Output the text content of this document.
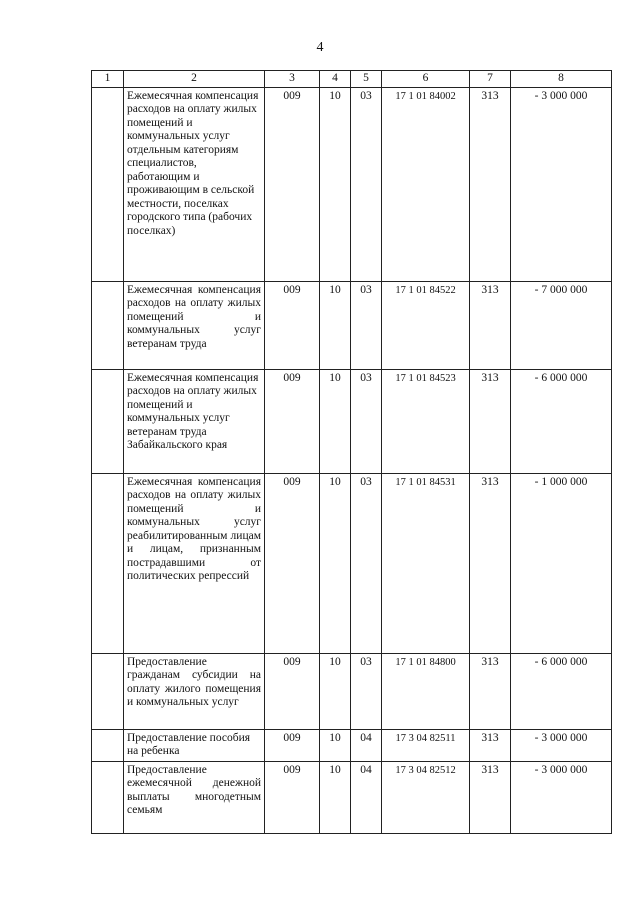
4
1	2	3	4	5	6	7	8
	Ежемесячная компенсация расходов на оплату жилых помещений и коммунальных услуг отдельным категориям специалистов, работающим и проживающим в сельской местности, поселках городского типа (рабочих поселках)	009	10	03	17 1 01 84002	313	- 3 000 000
	Ежемесячная компенсация расходов на оплату жилых помещений и коммунальных услуг ветеранам труда	009	10	03	17 1 01 84522	313	- 7 000 000
	Ежемесячная компенсация расходов на оплату жилых помещений и коммунальных услуг ветеранам труда Забайкальского края	009	10	03	17 1 01 84523	313	- 6 000 000
	Ежемесячная компенсация расходов на оплату жилых помещений и коммунальных услуг реабилитированным лицам и лицам, признанным пострадавшими от политических репрессий	009	10	03	17 1 01 84531	313	- 1 000 000
	Предоставление гражданам субсидии на оплату жилого помещения и коммунальных услуг	009	10	03	17 1 01 84800	313	- 6 000 000
	Предоставление пособия на ребенка	009	10	04	17 3 04 82511	313	- 3 000 000
	Предоставление ежемесячной денежной выплаты многодетным семьям	009	10	04	17 3 04 82512	313	- 3 000 000
